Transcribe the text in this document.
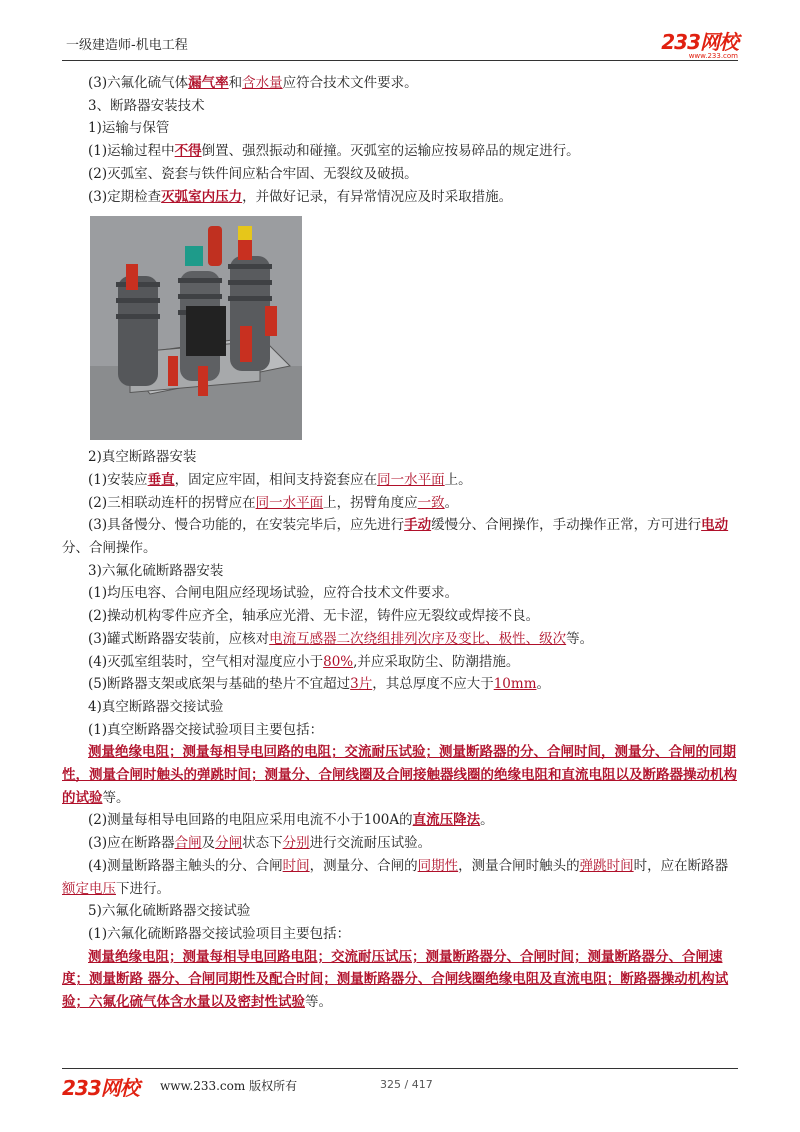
一级建造师-机电工程	233网校
www.233.com

(3)六氟化硫气体漏气率和含水量应符合技术文件要求。

3、断路器安装技术

1)运输与保管

(1)运输过程中不得倒置、强烈振动和碰撞。灭弧室的运输应按易碎品的规定进行。

(2)灭弧室、瓷套与铁件间应粘合牢固、无裂纹及破损。

(3)定期检查灭弧室内压力，并做好记录，有异常情况应及时采取措施。

2)真空断路器安装

(1)安装应垂直，固定应牢固，相间支持瓷套应在同一水平面上。

(2)三相联动连杆的拐臂应在同一水平面上，拐臂角度应一致。

(3)具备慢分、慢合功能的，在安装完毕后，应先进行手动缓慢分、合闸操作，手动操作正常，方可进行电动分、合闸操作。

3)六氟化硫断路器安装

(1)均压电容、合闸电阻应经现场试验，应符合技术文件要求。

(2)操动机构零件应齐全，轴承应光滑、无卡涩，铸件应无裂纹或焊接不良。

(3)罐式断路器安装前，应核对电流互感器二次绕组排列次序及变比、极性、级次等。

(4)灭弧室组装时，空气相对湿度应小于80%,并应采取防尘、防潮措施。

(5)断路器支架或底架与基础的垫片不宜超过3片，其总厚度不应大于10mm。

4)真空断路器交接试验

(1)真空断路器交接试验项目主要包括：

测量绝缘电阻；测量每相导电回路的电阻；交流耐压试验；测量断路器的分、合闸时间，测量分、合闸的同期性，测量合闸时触头的弹跳时间；测量分、合闸线圈及合闸接触器线圈的绝缘电阻和直流电阻以及断路器操动机构的试验等。

(2)测量每相导电回路的电阻应采用电流不小于100A的直流压降法。

(3)应在断路器合闸及分闸状态下分别进行交流耐压试验。

(4)测量断路器主触头的分、合闸时间，测量分、合闸的同期性，测量合闸时触头的弹跳时间时，应在断路器额定电压下进行。

5)六氟化硫断路器交接试验

(1)六氟化硫断路器交接试验项目主要包括：

测量绝缘电阻；测量每相导电回路电阻；交流耐压试压；测量断路器分、合闸时间；测量断路器分、合闸速度；测量断路 器分、合闸同期性及配合时间；测量断路器分、合闸线圈绝缘电阻及直流电阻；断路器操动机构试验；六氟化硫气体含水量以及密封性试验等。

233网校 www.233.com 版权所有	325 / 417
